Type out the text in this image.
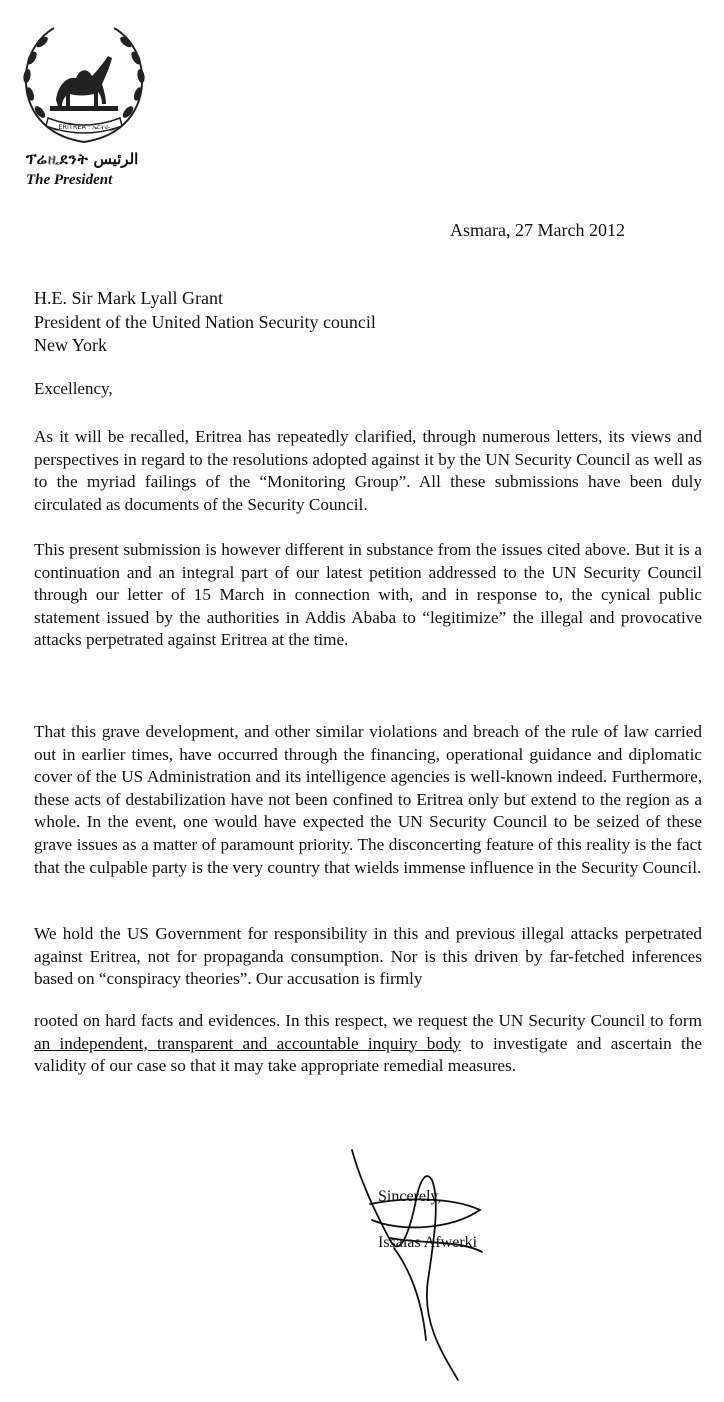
ERITREA · ኤርትራ
ፕሬዚደንት الرئيس
The President
Asmara, 27 March 2012
H.E. Sir Mark Lyall Grant
President of the United Nation Security council
New York
Excellency,

As it will be recalled, Eritrea has repeatedly clarified, through numerous letters, its views and perspectives in regard to the resolutions adopted against it by the UN Security Council as well as to the myriad failings of the “Monitoring Group”. All these submissions have been duly circulated as documents of the Security Council.

This present submission is however different in substance from the issues cited above. But it is a continuation and an integral part of our latest petition addressed to the UN Security Council through our letter of 15 March in connection with, and in response to, the cynical public statement issued by the authorities in Addis Ababa to “legitimize” the illegal and provocative attacks perpetrated against Eritrea at the time.

That this grave development, and other similar violations and breach of the rule of law carried out in earlier times, have occurred through the financing, operational guidance and diplomatic cover of the US Administration and its intelligence agencies is well-known indeed. Furthermore, these acts of destabilization have not been confined to Eritrea only but extend to the region as a whole. In the event, one would have expected the UN Security Council to be seized of these grave issues as a matter of paramount priority. The disconcerting feature of this reality is the fact that the culpable party is the very country that wields immense influence in the Security Council.

We hold the US Government for responsibility in this and previous illegal attacks perpetrated against Eritrea, not for propaganda consumption. Nor is this driven by far-fetched inferences based on “conspiracy theories”. Our accusation is firmly

rooted on hard facts and evidences. In this respect, we request the UN Security Council to form an independent, transparent and accountable inquiry body to investigate and ascertain the validity of our case so that it may take appropriate remedial measures.

Sincerely,
Issaias Afwerki
